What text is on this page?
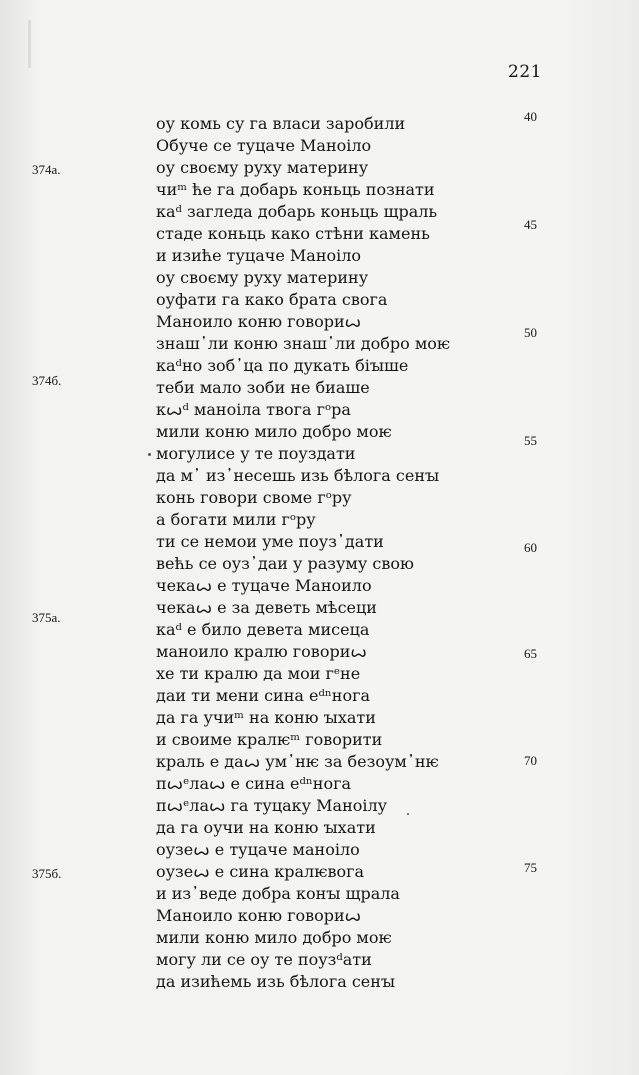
221
оу комь су га власи заробили
Обуче се туцаче Маноiло
оу своєму руху материну
чиᵐ ће га добарь коньць познати
каᵈ загледа добарь коньць щраль
стаде коньць како стѣни камень
и изиће туцаче Маноiло
оу своєму руху материну
оуфати га како брата свога
Маноило коню говориꙍ
знаш᾿ли коню знаш᾿ли добро моѥ
каᵈно зоб᾿ца по дукать бiꙑше
теби мало зоби не биаше
кꙍᵈ маноiла твога гᵒра
мили коню мило добро моѥ
могулисе у те поуздати
да м᾿ из᾿несешь изь бѣлога сенꙑ
конь говори своме гᵒру
а богати мили гᵒру
ти се немои уме поуз᾿дати
већь се оуз᾿даи у разуму свою
чекаꙍ е туцаче Маноило
чекаꙍ е за деветь мѣсеци
каᵈ е било девета мисеца
маноило кралю говориꙍ
хе ти кралю да мои гᵉне
даи ти мени сина еᵈⁿнога
да га учиᵐ на коню ꙑхати
и своиме кралѥᵐ говорити
краль е даꙍ ум᾿нѥ за безоум᾿нѥ
пꙍᵉлаꙍ е сина еᵈⁿнога
пꙍᵉлаꙍ га туцаку Маноiлу
да га оучи на коню ꙑхати
оузеꙍ е туцаче маноiло
оузеꙍ е сина кралѥвога
и из᾿веде добра конꙑ щрала
Маноило коню говориꙍ
мили коню мило добро моѥ
могу ли се оу те поузᵈати
да изићемь изь бѣлога сенꙑ
40
45
50
55
60
65
70
75
374а.
374б.
375а.
375б.
